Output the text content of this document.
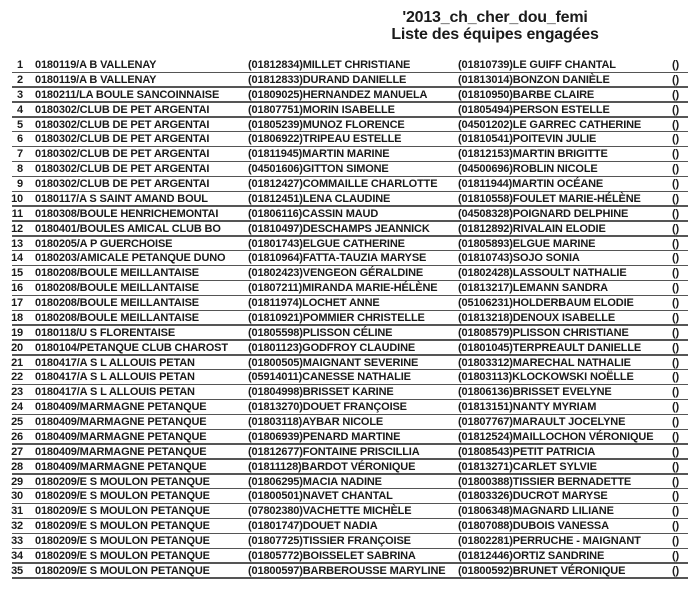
'2013_ch_cher_dou_femi
Liste des équipes engagées
1 0180119/A B VALLENAY	(01812834)MILLET CHRISTIANE	(01810739)LE GUIFF CHANTAL	()
2 0180119/A B VALLENAY	(01812833)DURAND DANIELLE	(01813014)BONZON DANIÈLE	()
3 0180211/LA BOULE SANCOINNAISE	(01809025)HERNANDEZ MANUELA	(01810950)BARBE CLAIRE	()
4 0180302/CLUB DE PET ARGENTAI	(01807751)MORIN ISABELLE	(01805494)PERSON ESTELLE	()
5 0180302/CLUB DE PET ARGENTAI	(01805239)MUNOZ FLORENCE	(04501202)LE GARREC CATHERINE	()
6 0180302/CLUB DE PET ARGENTAI	(01806922)TRIPEAU ESTELLE	(01810541)POITEVIN JULIE	()
7 0180302/CLUB DE PET ARGENTAI	(01811945)MARTIN MARINE	(01812153)MARTIN BRIGITTE	()
8 0180302/CLUB DE PET ARGENTAI	(04501606)GITTON SIMONE	(04500696)ROBLIN NICOLE	()
9 0180302/CLUB DE PET ARGENTAI	(01812427)COMMAILLE CHARLOTTE (01811944)MARTIN OCÉANE	()
10 0180117/A S SAINT AMAND BOUL	(01812451)LENA CLAUDINE	(01810558)FOULET MARIE-HÉLÈNE	()
11 0180308/BOULE HENRICHEMONTAI	(01806116)CASSIN MAUD	(04508328)POIGNARD DELPHINE	()
12 0180401/BOULES AMICAL CLUB BO (01810497)DESCHAMPS JEANNICK	(01812892)RIVALAIN ELODIE	()
13 0180205/A P GUERCHOISE	(01801743)ELGUE CATHERINE	(01805893)ELGUE MARINE	()
14 0180203/AMICALE PETANQUE DUNO (01810964)FATTA-TAUZIA MARYSE	(01810743)SOJO SONIA	()
15 0180208/BOULE MEILLANTAISE	(01802423)VENGEON GÉRALDINE	(01802428)LASSOULT NATHALIE	()
16 0180208/BOULE MEILLANTAISE	(01807211)MIRANDA MARIE-HÉLÈNE (01813217)LEMANN SANDRA	()
17 0180208/BOULE MEILLANTAISE	(01811974)LOCHET ANNE	(05106231)HOLDERBAUM ELODIE	()
18 0180208/BOULE MEILLANTAISE	(01810921)POMMIER CHRISTELLE	(01813218)DENOUX ISABELLE	()
19 0180118/U S FLORENTAISE	(01805598)PLISSON CÉLINE	(01808579)PLISSON CHRISTIANE	()
20 0180104/PETANQUE CLUB CHAROST (01801123)GODFROY CLAUDINE	(01801045)TERPREAULT DANIELLE	()
21 0180417/A S L ALLOUIS PETAN	(01800505)MAIGNANT SEVERINE	(01803312)MARECHAL NATHALIE	()
22 0180417/A S L ALLOUIS PETAN	(05914011)CANESSE NATHALIE	(01803113)KLOCKOWSKI NOËLLE	()
23 0180417/A S L ALLOUIS PETAN	(01804998)BRISSET KARINE	(01806136)BRISSET EVELYNE	()
24 0180409/MARMAGNE PETANQUE	(01813270)DOUET FRANÇOISE	(01813151)NANTY MYRIAM	()
25 0180409/MARMAGNE PETANQUE	(01803118)AYBAR NICOLE	(01807767)MARAULT JOCELYNE	()
26 0180409/MARMAGNE PETANQUE	(01806939)PENARD MARTINE	(01812524)MAILLOCHON VÉRONIQUE ()
27 0180409/MARMAGNE PETANQUE	(01812677)FONTAINE PRISCILLIA	(01808543)PETIT PATRICIA	()
28 0180409/MARMAGNE PETANQUE	(01811128)BARDOT VÉRONIQUE	(01813271)CARLET SYLVIE	()
29 0180209/E S MOULON PETANQUE	(01806295)MACIA NADINE	(01800388)TISSIER BERNADETTE	()
30 0180209/E S MOULON PETANQUE	(01800501)NAVET CHANTAL	(01803326)DUCROT MARYSE	()
31 0180209/E S MOULON PETANQUE	(07802380)VACHETTE MICHÈLE	(01806348)MAGNARD LILIANE	()
32 0180209/E S MOULON PETANQUE	(01801747)DOUET NADIA	(01807088)DUBOIS VANESSA	()
33 0180209/E S MOULON PETANQUE	(01807725)TISSIER FRANÇOISE	(01802281)PERRUCHE - MAIGNANT	()
34 0180209/E S MOULON PETANQUE	(01805772)BOISSELET SABRINA	(01812446)ORTIZ SANDRINE	()
35 0180209/E S MOULON PETANQUE	(01800597)BARBEROUSSE MARYLINE (01800592)BRUNET VÉRONIQUE	()
